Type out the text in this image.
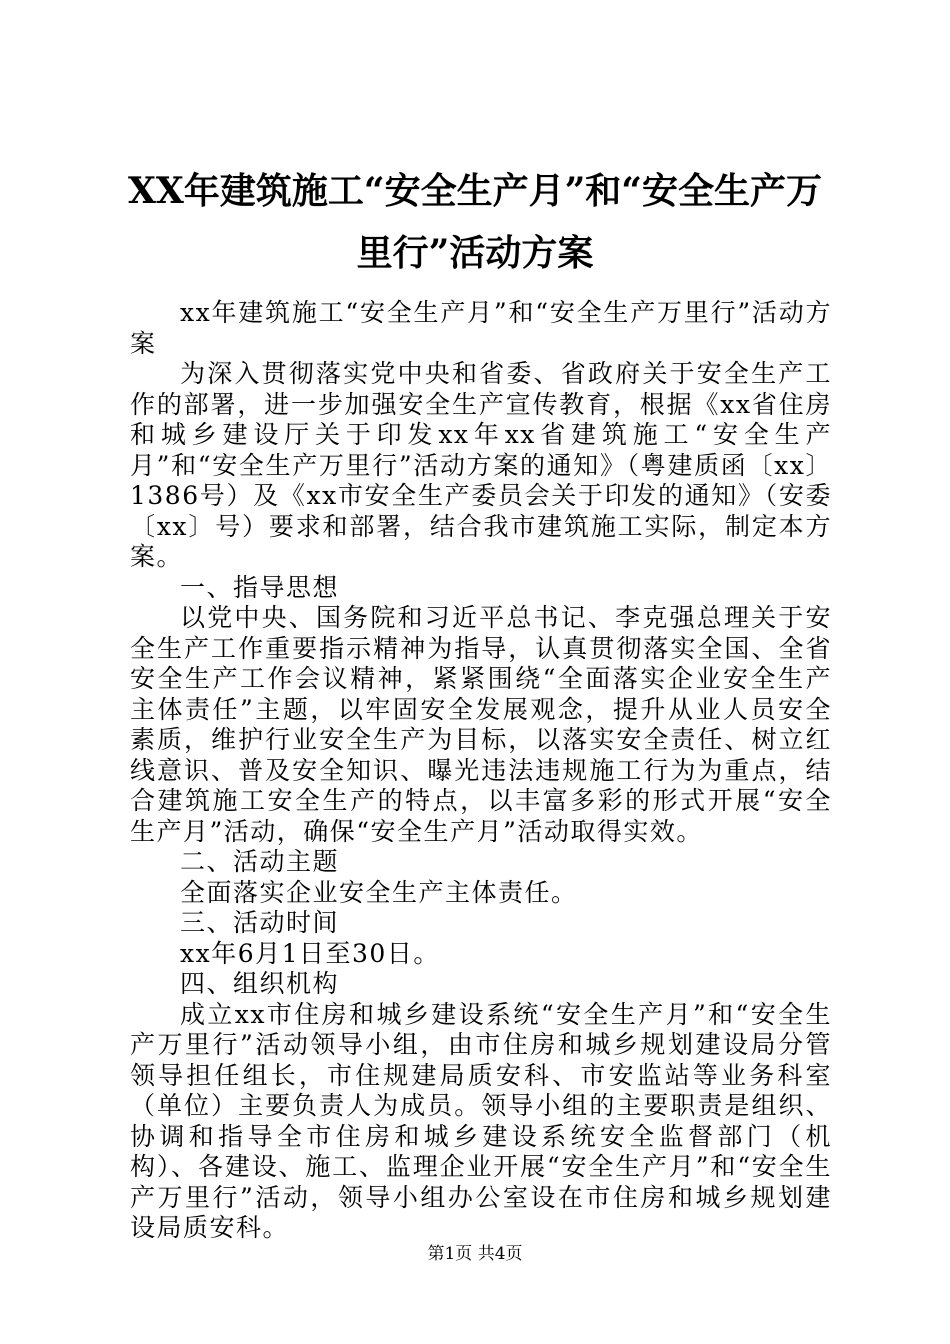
XX年建筑施工“安全生产月”和“安全生产万里行”活动方案

xx年建筑施工“安全生产月”和“安全生产万里行”活动方案

为深入贯彻落实党中央和省委、省政府关于安全生产工作的部署，进一步加强安全生产宣传教育，根据《xx省住房和城乡建设厅关于印发xx年xx省建筑施工“安全生产月”和“安全生产万里行”活动方案的通知》（粤建质函〔xx〕1386号）及《xx市安全生产委员会关于印发的通知》（安委〔xx〕号）要求和部署，结合我市建筑施工实际，制定本方案。

一、指导思想

以党中央、国务院和习近平总书记、李克强总理关于安全生产工作重要指示精神为指导，认真贯彻落实全国、全省安全生产工作会议精神，紧紧围绕“全面落实企业安全生产主体责任”主题，以牢固安全发展观念，提升从业人员安全素质，维护行业安全生产为目标，以落实安全责任、树立红线意识、普及安全知识、曝光违法违规施工行为为重点，结合建筑施工安全生产的特点，以丰富多彩的形式开展“安全生产月”活动，确保“安全生产月”活动取得实效。

二、活动主题

全面落实企业安全生产主体责任。

三、活动时间

xx年6月1日至30日。

四、组织机构

成立xx市住房和城乡建设系统“安全生产月”和“安全生产万里行”活动领导小组，由市住房和城乡规划建设局分管领导担任组长，市住规建局质安科、市安监站等业务科室（单位）主要负责人为成员。领导小组的主要职责是组织、协调和指导全市住房和城乡建设系统安全监督部门（机构）、各建设、施工、监理企业开展“安全生产月”和“安全生产万里行”活动，领导小组办公室设在市住房和城乡规划建设局质安科。

第1页 共4页
